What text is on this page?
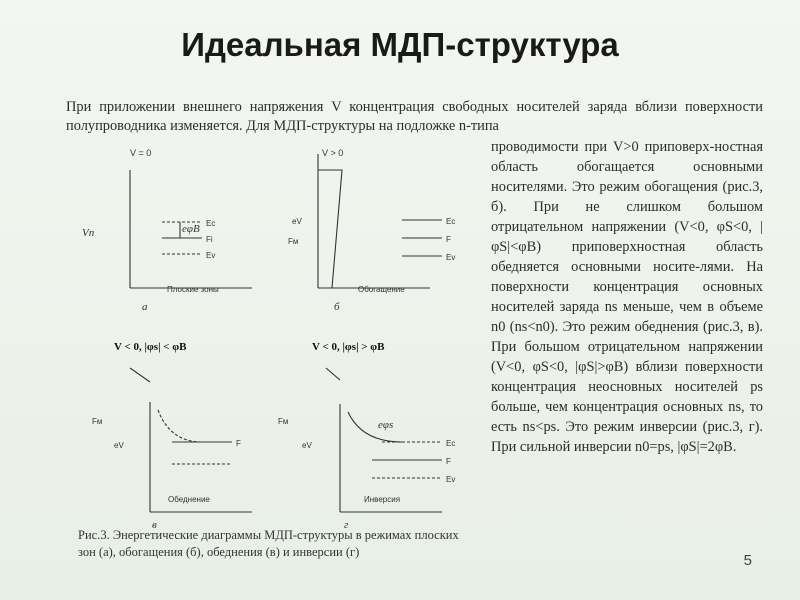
Идеальная МДП-структура
При приложении внешнего напряжения V концентрация свободных носителей заряда вблизи поверхности полупроводника изменяется. Для МДП-структуры на подложке n-типа
проводимости при V>0 приповерх-ностная область обогащается основными носителями. Это режим обогащения (рис.3, б). При не слишком большом отрицательном напряжении (V<0, φS<0, |φS|<φВ) приповерхностная область обедняется основными носите-лями. На поверхности концентрация основных носителей заряда ns меньше, чем в объеме n0 (ns<n0). Это режим обеднения (рис.3, в). При большом отрицательном напряжении (V<0, φS<0, |φS|>φВ) вблизи поверхности концентрация неосновных носителей ps больше, чем концентрация основных ns, то есть ns<ps. Это режим инверсии (рис.3, г). При сильной инверсии n0=ps, |φS|=2φВ.
V = 0
Vn
Ec
Fi
Ev
eφB
Плоские зоны
а
V > 0
eV
Fм
Ec
F
Ev
Обогащение
б
V < 0, |φs| < φB
Fм
eV	F
Обеднение
в
V < 0, |φs| > φB
Fм
eV
eφs
Ec
F
Ev
Инверсия
г
Рис.3. Энергетические диаграммы МДП-структуры в режимах плоских зон (а), обогащения (б), обеднения (в) и инверсии (г)	5
